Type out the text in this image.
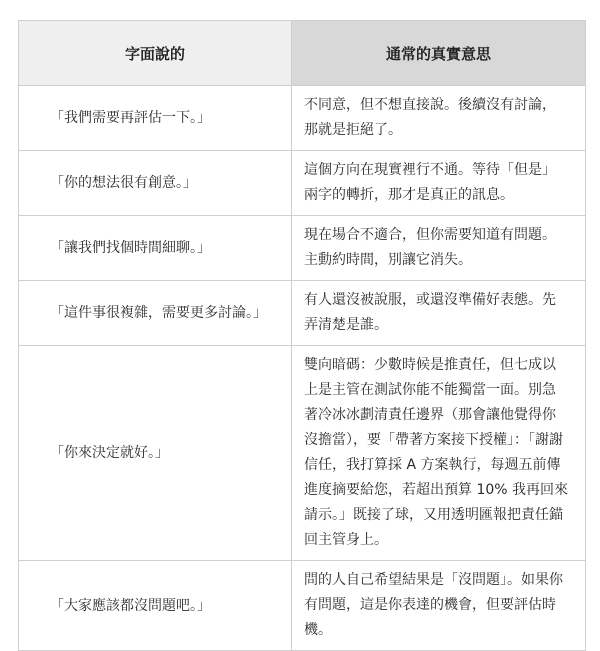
字面說的	通常的真實意思
「我們需要再評估一下。」	不同意，但不想直接說。後續沒有討論，那就是拒絕了。
「你的想法很有創意。」	這個方向在現實裡行不通。等待「但是」兩字的轉折，那才是真正的訊息。
「讓我們找個時間細聊。」	現在場合不適合，但你需要知道有問題。主動約時間，別讓它消失。
「這件事很複雜，需要更多討論。」	有人還沒被說服，或還沒準備好表態。先弄清楚是誰。
「你來決定就好。」	雙向暗碼：少數時候是推責任，但七成以上是主管在測試你能不能獨當一面。別急著冷冰冰劃清責任邊界（那會讓他覺得你沒擔當），要「帶著方案接下授權」：「謝謝信任，我打算採 A 方案執行，每週五前傳進度摘要給您，若超出預算 10% 我再回來請示。」既接了球，又用透明匯報把責任錨回主管身上。
「大家應該都沒問題吧。」	問的人自己希望結果是「沒問題」。如果你有問題，這是你表達的機會，但要評估時機。
